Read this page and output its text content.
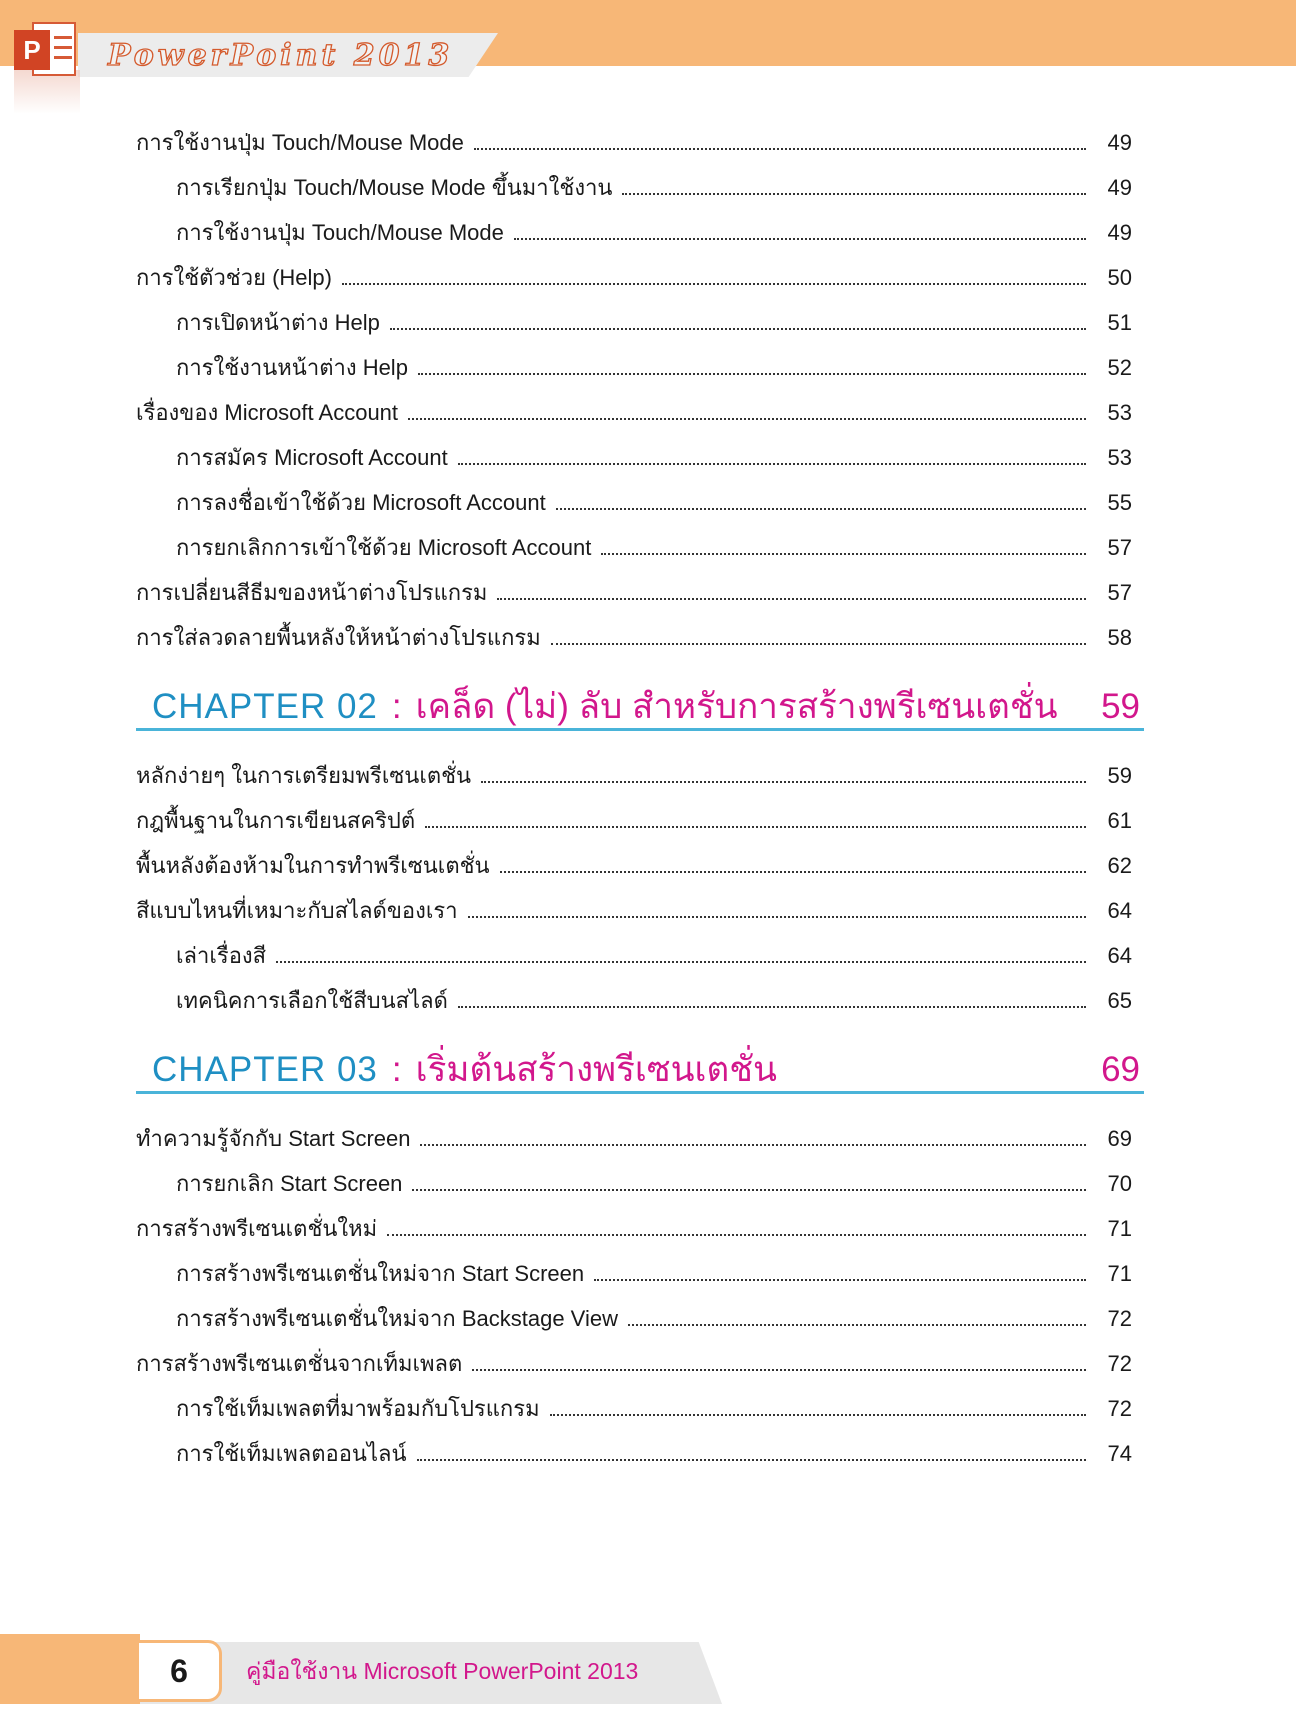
PowerPoint 2013
P
การใช้งานปุ่ม Touch/Mouse Mode	49
การเรียกปุ่ม Touch/Mouse Mode ขึ้นมาใช้งาน	49
การใช้งานปุ่ม Touch/Mouse Mode	49
การใช้ตัวช่วย (Help)	50
การเปิดหน้าต่าง Help	51
การใช้งานหน้าต่าง Help	52
เรื่องของ Microsoft Account	53
การสมัคร Microsoft Account	53
การลงชื่อเข้าใช้ด้วย Microsoft Account	55
การยกเลิกการเข้าใช้ด้วย Microsoft Account	57
การเปลี่ยนสีธีมของหน้าต่างโปรแกรม	57
การใส่ลวดลายพื้นหลังให้หน้าต่างโปรแกรม	58
CHAPTER 02 : เคล็ด (ไม่) ลับ สำหรับการสร้างพรีเซนเตชั่น	59
หลักง่ายๆ ในการเตรียมพรีเซนเตชั่น	59
กฎพื้นฐานในการเขียนสคริปต์	61
พื้นหลังต้องห้ามในการทำพรีเซนเตชั่น	62
สีแบบไหนที่เหมาะกับสไลด์ของเรา	64
เล่าเรื่องสี	64
เทคนิคการเลือกใช้สีบนสไลด์	65
CHAPTER 03 : เริ่มต้นสร้างพรีเซนเตชั่น	69
ทำความรู้จักกับ Start Screen	69
การยกเลิก Start Screen	70
การสร้างพรีเซนเตชั่นใหม่	71
การสร้างพรีเซนเตชั่นใหม่จาก Start Screen	71
การสร้างพรีเซนเตชั่นใหม่จาก Backstage View	72
การสร้างพรีเซนเตชั่นจากเท็มเพลต	72
การใช้เท็มเพลตที่มาพร้อมกับโปรแกรม	72
การใช้เท็มเพลตออนไลน์	74
6	คู่มือใช้งาน Microsoft PowerPoint 2013
